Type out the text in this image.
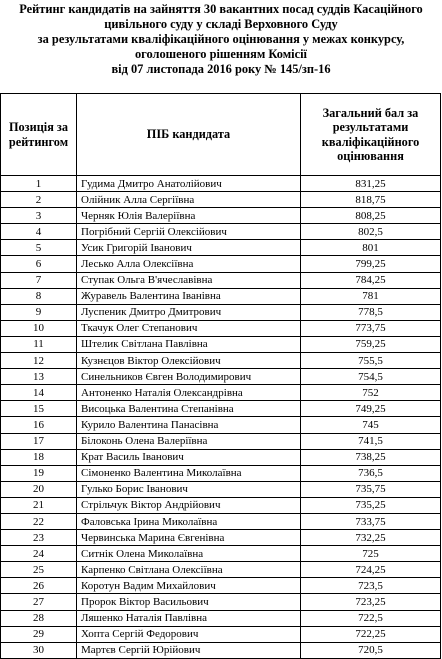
Рейтинг кандидатів на зайняття 30 вакантних посад суддів Касаційного
цивільного суду у складі Верховного Суду
за результатами кваліфікаційного оцінювання у межах конкурсу,
оголошеного рішенням Комісії
від 07 листопада 2016 року № 145/зп-16
Позиція за рейтингом	ПІБ кандидата	Загальний бал за результатами кваліфікаційного оцінювання
1	Гудима Дмитро Анатолійович	831,25
2	Олійник Алла Сергіївна	818,75
3	Черняк Юлія Валеріївна	808,25
4	Погрібний Сергій Олексійович	802,5
5	Усик Григорій Іванович	801
6	Лесько Алла Олексіївна	799,25
7	Ступак Ольга В'ячеславівна	784,25
8	Журавель Валентина Іванівна	781
9	Луспеник Дмитро Дмитрович	778,5
10	Ткачук Олег Степанович	773,75
11	Штелик Світлана Павлівна	759,25
12	Кузнєцов Віктор Олексійович	755,5
13	Синельников Євген Володимирович	754,5
14	Антоненко Наталія Олександрівна	752
15	Висоцька Валентина Степанівна	749,25
16	Курило Валентина Панасівна	745
17	Білоконь Олена Валеріївна	741,5
18	Крат Василь Іванович	738,25
19	Сімоненко Валентина Миколаївна	736,5
20	Гулько Борис Іванович	735,75
21	Стрільчук Віктор Андрійович	735,25
22	Фаловська Ірина Миколаївна	733,75
23	Червинська Марина Євгенівна	732,25
24	Ситнік Олена Миколаївна	725
25	Карпенко Світлана Олексіївна	724,25
26	Коротун Вадим Михайлович	723,5
27	Пророк Віктор Васильович	723,25
28	Ляшенко Наталія Павлівна	722,5
29	Хопта Сергій Федорович	722,25
30	Мартєв Сергій Юрійович	720,5
